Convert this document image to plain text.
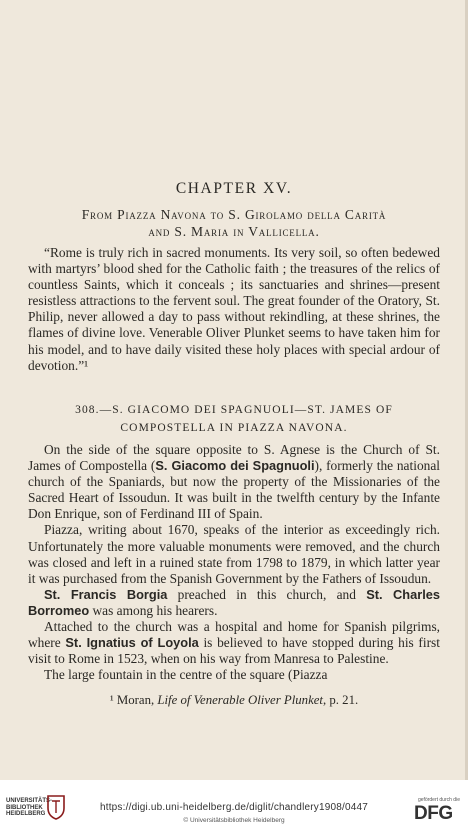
CHAPTER XV.
From Piazza Navona to S. Girolamo della Carità
and S. Maria in Vallicella.

“Rome is truly rich in sacred monuments. Its very soil, so often bedewed with martyrs’ blood shed for the Catholic faith ; the treasures of the relics of countless Saints, which it conceals ; its sanctuaries and shrines—present resistless attractions to the fervent soul. The great founder of the Oratory, St. Philip, never allowed a day to pass without rekindling, at these shrines, the flames of divine love. Venerable Oliver Plunket seems to have taken him for his model, and to have daily visited these holy places with special ardour of devotion.”¹

308.—S. GIACOMO DEI SPAGNUOLI—ST. JAMES OF
COMPOSTELLA IN PIAZZA NAVONA.

On the side of the square opposite to S. Agnese is the Church of St. James of Compostella (S. Giacomo dei Spagnuoli), formerly the national church of the Spaniards, but now the property of the Missionaries of the Sacred Heart of Issoudun. It was built in the twelfth century by the Infante Don Enrique, son of Ferdinand III of Spain.

Piazza, writing about 1670, speaks of the interior as exceedingly rich. Unfortunately the more valuable monuments were removed, and the church was closed and left in a ruined state from 1798 to 1879, in which latter year it was purchased from the Spanish Government by the Fathers of Issoudun.

St. Francis Borgia preached in this church, and St. Charles Borromeo was among his hearers.

Attached to the church was a hospital and home for Spanish pilgrims, where St. Ignatius of Loyola is believed to have stopped during his first visit to Rome in 1523, when on his way from Manresa to Palestine.

The large fountain in the centre of the square (Piazza

¹ Moran, Life of Venerable Oliver Plunket, p. 21.
UNIVERSITÄTS-
BIBLIOTHEK
HEIDELBERG
https://digi.ub.uni-heidelberg.de/diglit/chandlery1908/0447
© Universitätsbibliothek Heidelberg
gefördert durch die
DFG
